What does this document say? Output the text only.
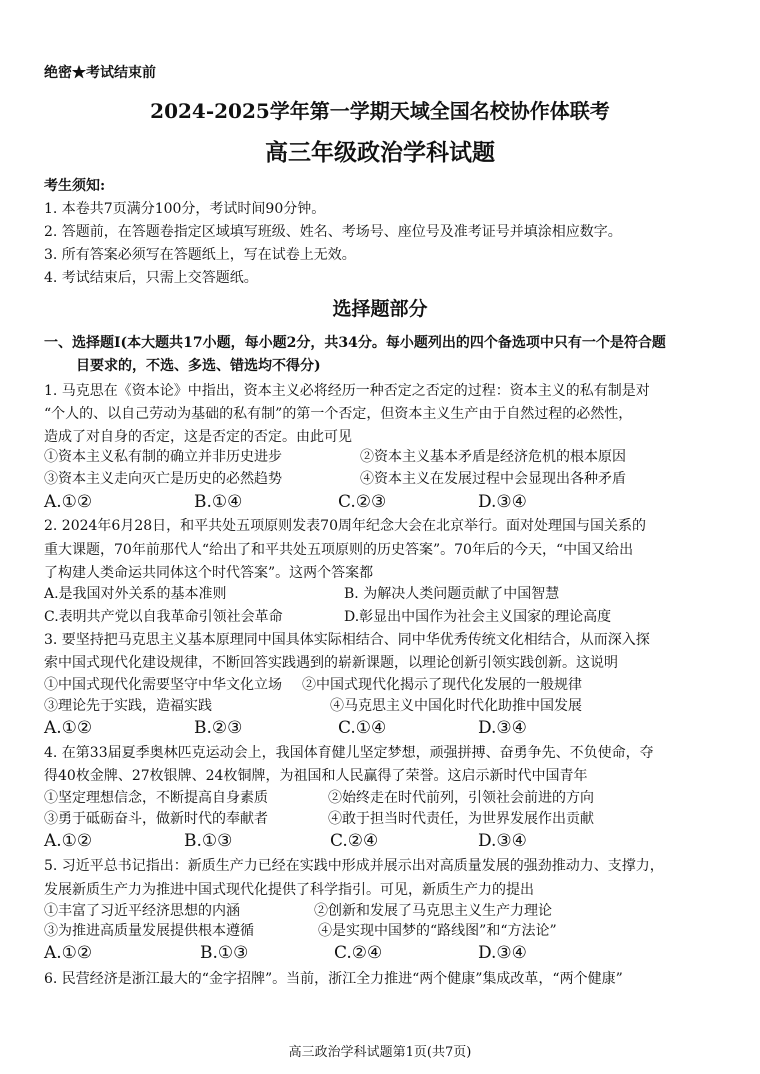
绝密★考试结束前
2024-2025学年第一学期天域全国名校协作体联考
高三年级政治学科试题
考生须知:
1. 本卷共7页满分100分，考试时间90分钟。
2. 答题前，在答题卷指定区域填写班级、姓名、考场号、座位号及准考证号并填涂相应数字。
3. 所有答案必须写在答题纸上，写在试卷上无效。
4. 考试结束后，只需上交答题纸。
选择题部分
一、选择题Ⅰ(本大题共17小题，每小题2分，共34分。每小题列出的四个备选项中只有一个是符合题
目要求的，不选、多选、错选均不得分)
1. 马克思在《资本论》中指出，资本主义必将经历一种否定之否定的过程：资本主义的私有制是对
“个人的、以自己劳动为基础的私有制”的第一个否定，但资本主义生产由于自然过程的必然性，
造成了对自身的否定，这是否定的否定。由此可见
①资本主义私有制的确立并非历史进步	②资本主义基本矛盾是经济危机的根本原因
③资本主义走向灭亡是历史的必然趋势	④资本主义在发展过程中会显现出各种矛盾
A.①②	B.①④	C.②③	D.③④
2. 2024年6月28日，和平共处五项原则发表70周年纪念大会在北京举行。面对处理国与国关系的
重大课题，70年前那代人“给出了和平共处五项原则的历史答案”。70年后的今天，“中国又给出
了构建人类命运共同体这个时代答案”。这两个答案都
A.是我国对外关系的基本准则	B. 为解决人类问题贡献了中国智慧
C.表明共产党以自我革命引领社会革命	D.彰显出中国作为社会主义国家的理论高度
3. 要坚持把马克思主义基本原理同中国具体实际相结合、同中华优秀传统文化相结合，从而深入探
索中国式现代化建设规律，不断回答实践遇到的崭新课题，以理论创新引领实践创新。这说明
①中国式现代化需要坚守中华文化立场 ②中国式现代化揭示了现代化发展的一般规律
③理论先于实践，造福实践	④马克思主义中国化时代化助推中国发展
A.①②	B.②③	C.①④	D.③④
4. 在第33届夏季奥林匹克运动会上，我国体育健儿坚定梦想，顽强拼搏、奋勇争先、不负使命，夺
得40枚金牌、27枚银牌、24枚铜牌，为祖国和人民赢得了荣誉。这启示新时代中国青年
①坚定理想信念，不断提高自身素质	②始终走在时代前列，引领社会前进的方向
③勇于砥砺奋斗，做新时代的奉献者	④敢于担当时代责任，为世界发展作出贡献
A.①②	B.①③	C.②④	D.③④
5. 习近平总书记指出：新质生产力已经在实践中形成并展示出对高质量发展的强劲推动力、支撑力，
发展新质生产力为推进中国式现代化提供了科学指引。可见，新质生产力的提出
①丰富了习近平经济思想的内涵	②创新和发展了马克思主义生产力理论
③为推进高质量发展提供根本遵循	④是实现中国梦的“路线图”和“方法论”
A.①②	B.①③	C.②④	D.③④
6. 民营经济是浙江最大的“金字招牌”。当前，浙江全力推进“两个健康”集成改革，“两个健康”
高三政治学科试题第1页(共7页)
